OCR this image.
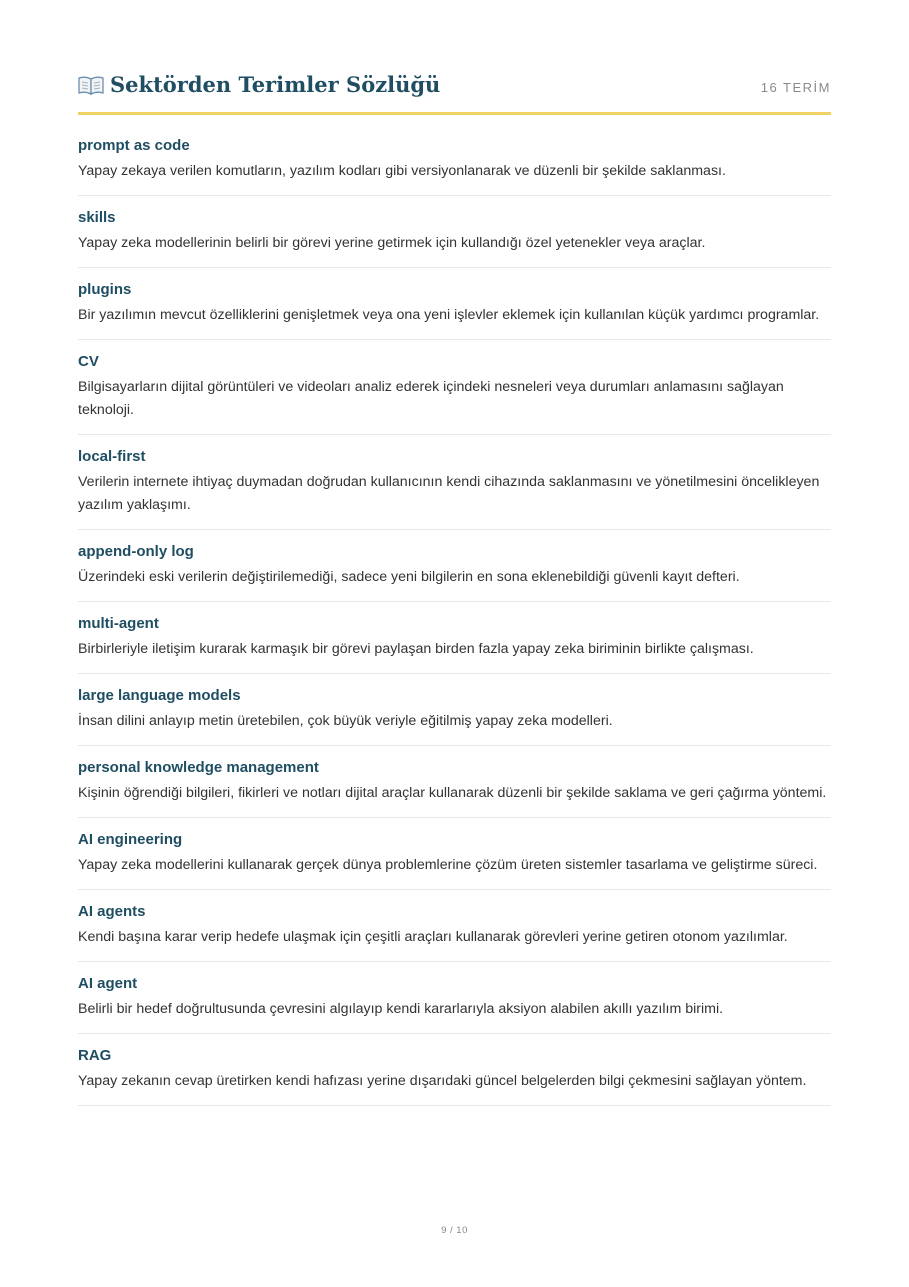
Sektörden Terimler Sözlüğü	16 TERİM
prompt as code
Yapay zekaya verilen komutların, yazılım kodları gibi versiyonlanarak ve düzenli bir şekilde saklanması.
skills
Yapay zeka modellerinin belirli bir görevi yerine getirmek için kullandığı özel yetenekler veya araçlar.
plugins
Bir yazılımın mevcut özelliklerini genişletmek veya ona yeni işlevler eklemek için kullanılan küçük yardımcı programlar.
CV
Bilgisayarların dijital görüntüleri ve videoları analiz ederek içindeki nesneleri veya durumları anlamasını sağlayan teknoloji.
local-first
Verilerin internete ihtiyaç duymadan doğrudan kullanıcının kendi cihazında saklanmasını ve yönetilmesini öncelikleyen yazılım yaklaşımı.
append-only log
Üzerindeki eski verilerin değiştirilemediği, sadece yeni bilgilerin en sona eklenebildiği güvenli kayıt defteri.
multi-agent
Birbirleriyle iletişim kurarak karmaşık bir görevi paylaşan birden fazla yapay zeka biriminin birlikte çalışması.
large language models
İnsan dilini anlayıp metin üretebilen, çok büyük veriyle eğitilmiş yapay zeka modelleri.
personal knowledge management
Kişinin öğrendiği bilgileri, fikirleri ve notları dijital araçlar kullanarak düzenli bir şekilde saklama ve geri çağırma yöntemi.
AI engineering
Yapay zeka modellerini kullanarak gerçek dünya problemlerine çözüm üreten sistemler tasarlama ve geliştirme süreci.
AI agents
Kendi başına karar verip hedefe ulaşmak için çeşitli araçları kullanarak görevleri yerine getiren otonom yazılımlar.
AI agent
Belirli bir hedef doğrultusunda çevresini algılayıp kendi kararlarıyla aksiyon alabilen akıllı yazılım birimi.
RAG
Yapay zekanın cevap üretirken kendi hafızası yerine dışarıdaki güncel belgelerden bilgi çekmesini sağlayan yöntem.
9 / 10
